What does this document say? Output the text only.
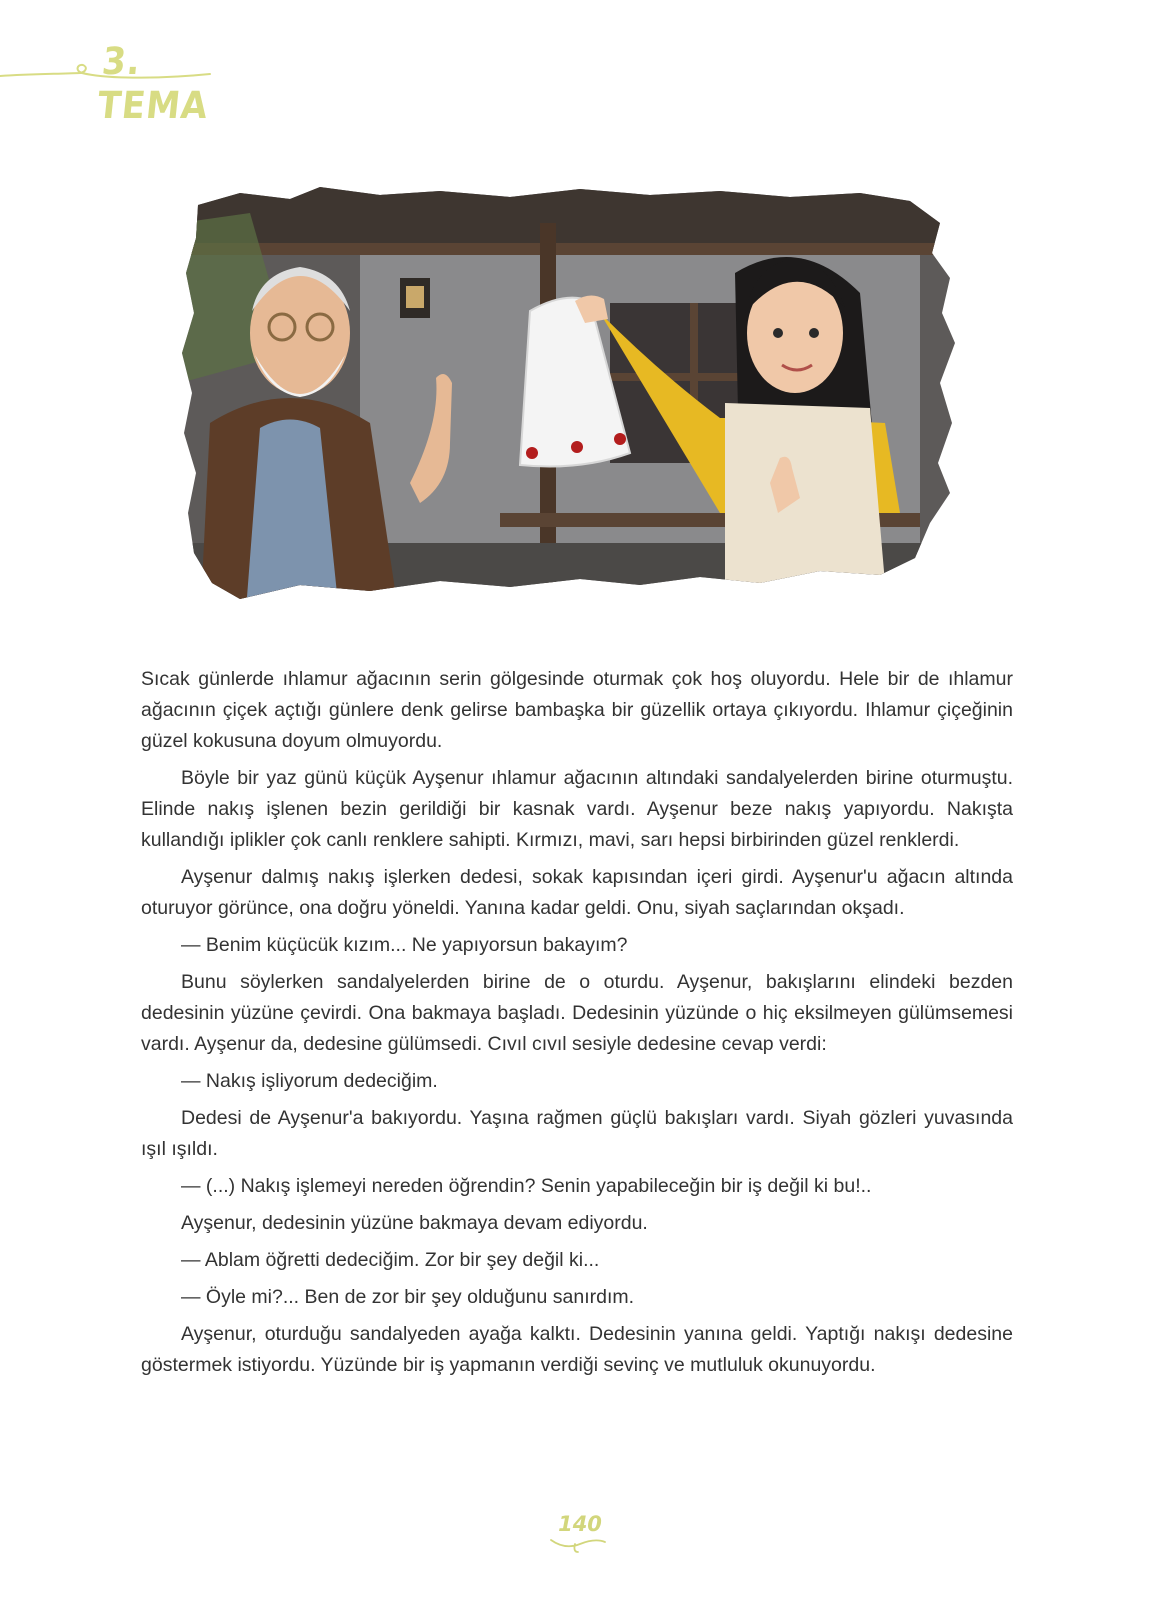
3. TEMA

Sıcak günlerde ıhlamur ağacının serin gölgesinde oturmak çok hoş oluyordu. Hele bir de ıhlamur ağacının çiçek açtığı günlere denk gelirse bambaşka bir güzellik ortaya çıkıyordu. Ihlamur çiçeğinin güzel kokusuna doyum olmuyordu.

Böyle bir yaz günü küçük Ayşenur ıhlamur ağacının altındaki sandalyelerden birine oturmuştu. Elinde nakış işlenen bezin gerildiği bir kasnak vardı. Ayşenur beze nakış yapıyordu. Nakışta kullandığı iplikler çok canlı renklere sahipti. Kırmızı, mavi, sarı hepsi birbirinden güzel renklerdi.

Ayşenur dalmış nakış işlerken dedesi, sokak kapısından içeri girdi. Ayşenur'u ağacın altında oturuyor görünce, ona doğru yöneldi. Yanına kadar geldi. Onu, siyah saçlarından okşadı.

— Benim küçücük kızım... Ne yapıyorsun bakayım?

Bunu söylerken sandalyelerden birine de o oturdu. Ayşenur, bakışlarını elindeki bezden dedesinin yüzüne çevirdi. Ona bakmaya başladı. Dedesinin yüzünde o hiç eksilmeyen gülümsemesi vardı. Ayşenur da, dedesine gülümsedi. Cıvıl cıvıl sesiyle dedesine cevap verdi:

— Nakış işliyorum dedeciğim.

Dedesi de Ayşenur'a bakıyordu. Yaşına rağmen güçlü bakışları vardı. Siyah gözleri yuvasında ışıl ışıldı.

— (...) Nakış işlemeyi nereden öğrendin? Senin yapabileceğin bir iş değil ki bu!..

Ayşenur, dedesinin yüzüne bakmaya devam ediyordu.

— Ablam öğretti dedeciğim. Zor bir şey değil ki...

— Öyle mi?... Ben de zor bir şey olduğunu sanırdım.

Ayşenur, oturduğu sandalyeden ayağa kalktı. Dedesinin yanına geldi. Yaptığı nakışı dedesine göstermek istiyordu. Yüzünde bir iş yapmanın verdiği sevinç ve mutluluk okunuyordu.

140
